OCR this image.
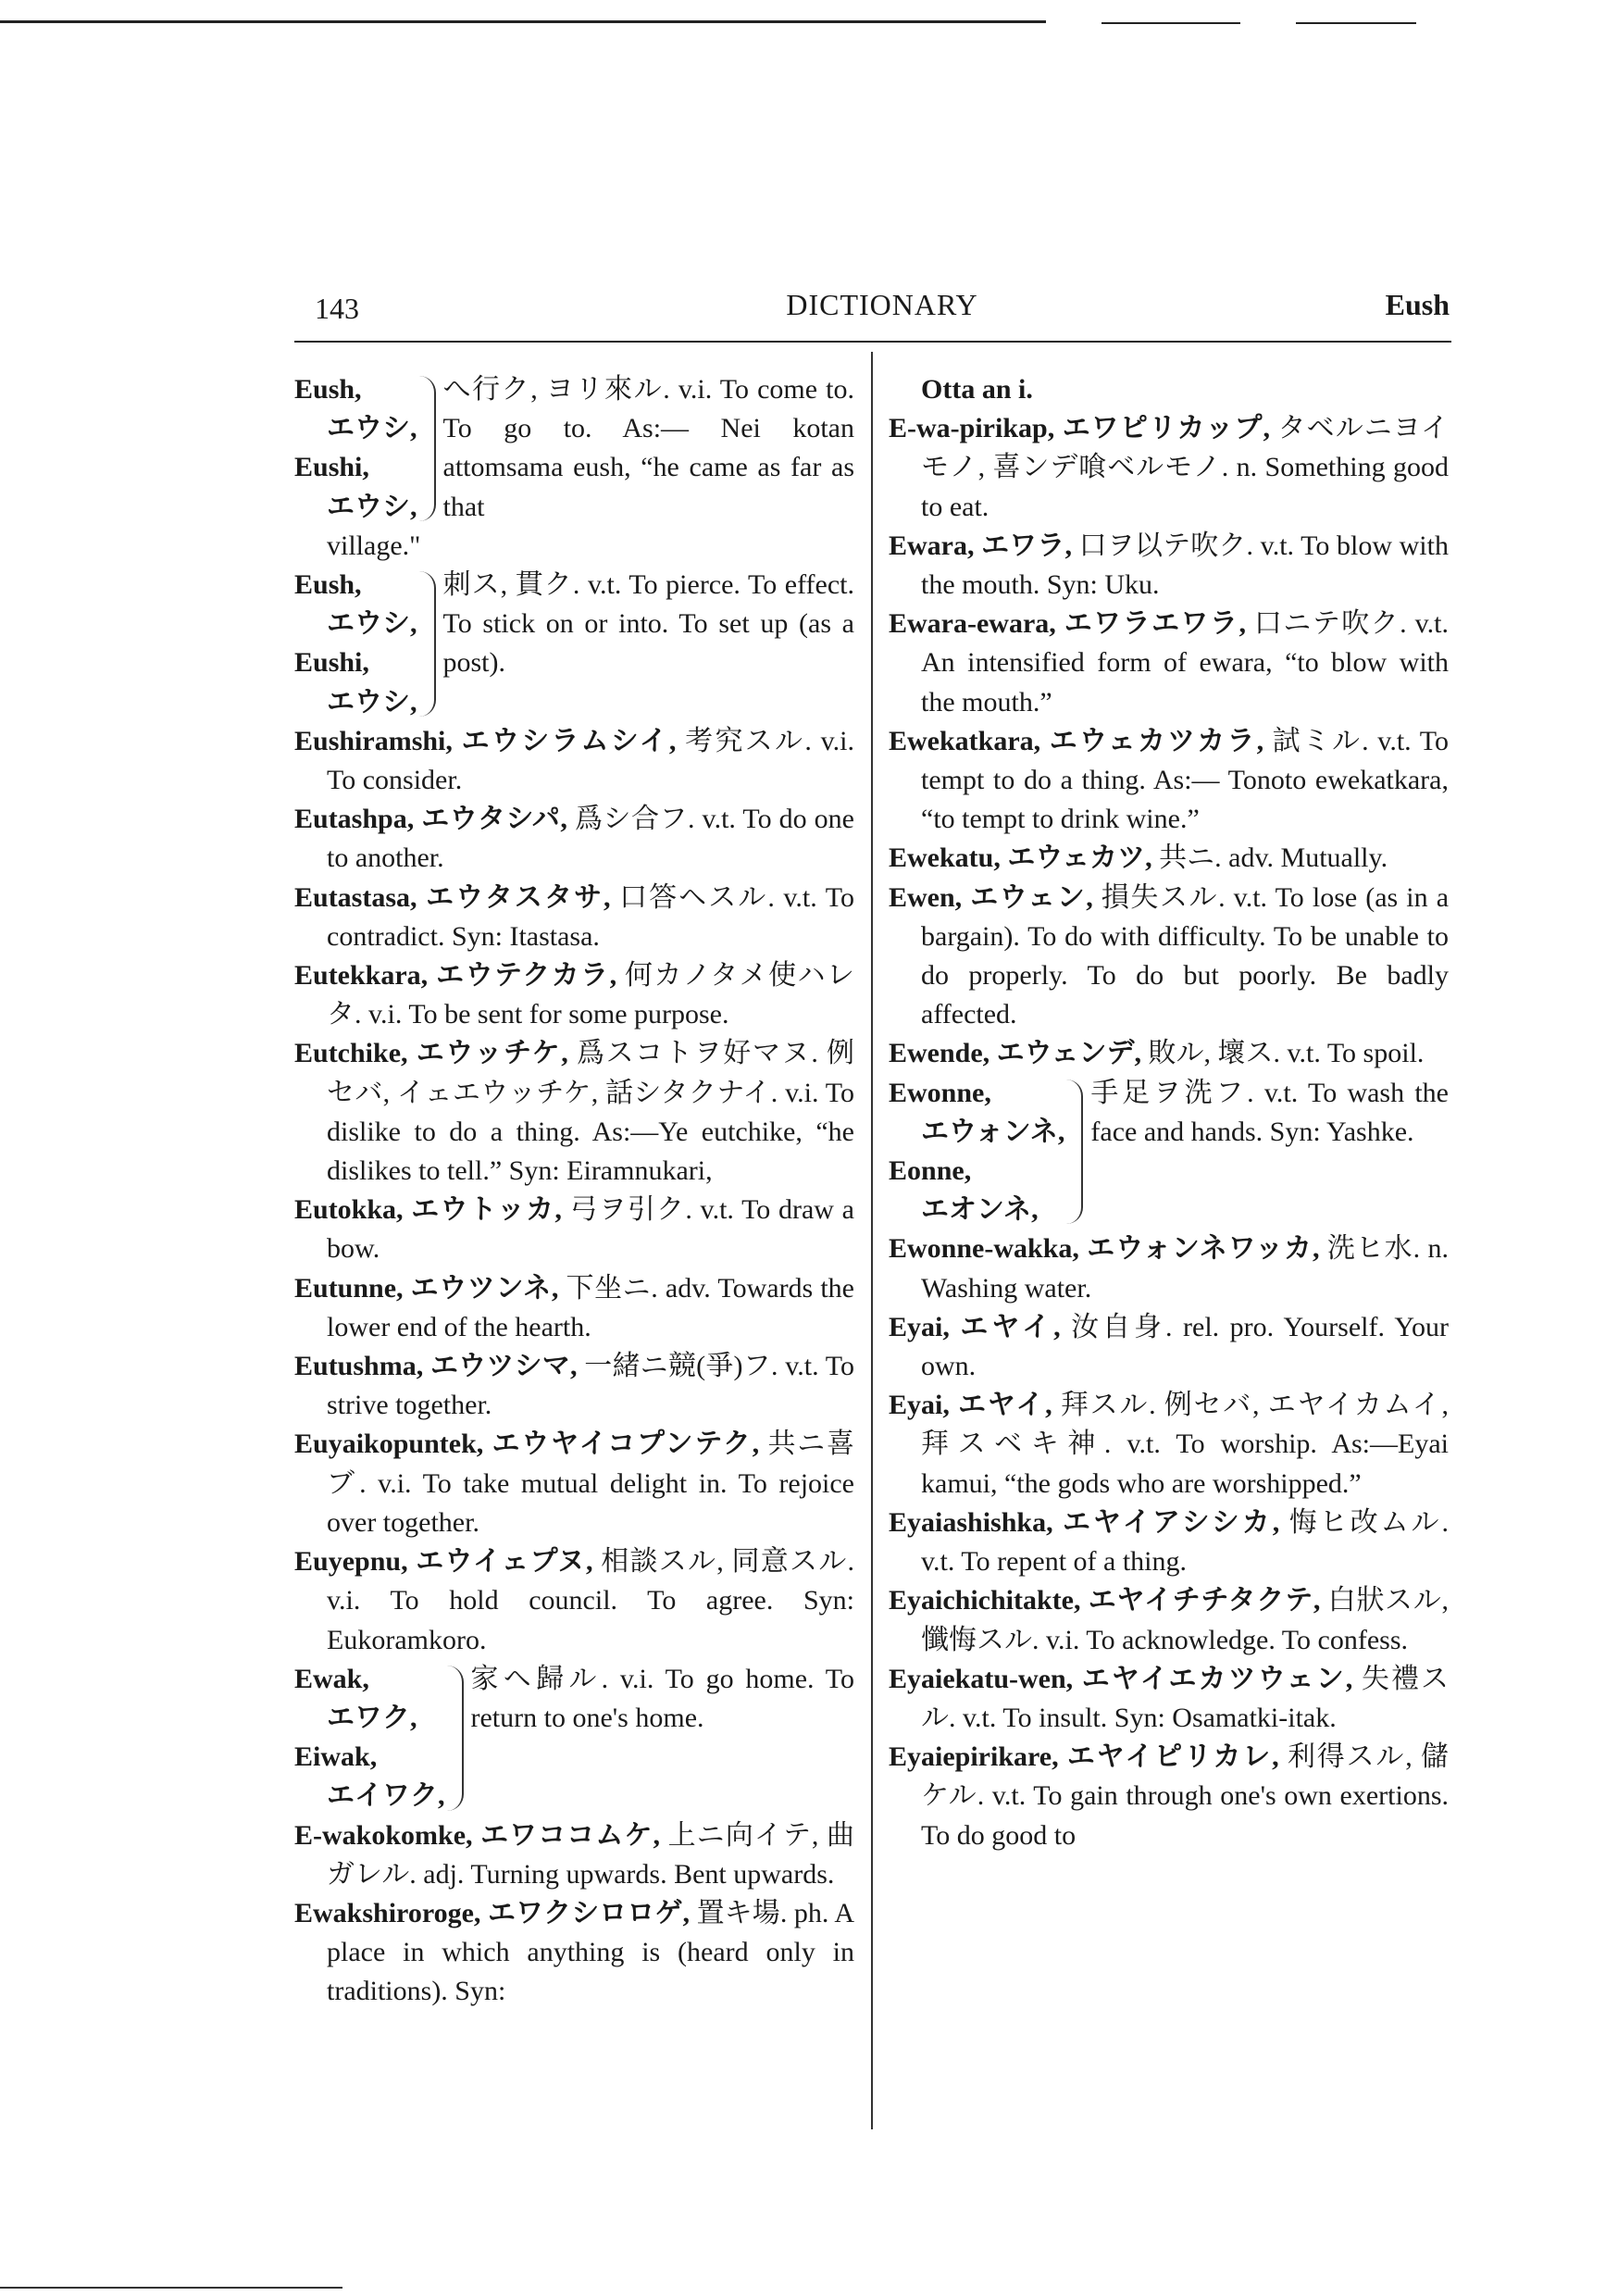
143	DICTIONARY	Eush
Eush,
エウシ,
Eushi,
エウシ,
へ行ク, ヨリ來ル. v.i. To come to. To go to. As:— Nei kotan attomsama eush, “he came as far as that
village."
Eush,
エウシ,
Eushi,
エウシ,
刺ス, 貫ク. v.t. To pierce. To effect. To stick on or into. To set up (as a post).
Eushiramshi, エウシラムシイ, 考究スル. v.i. To consider.
Eutashpa, エウタシパ, 爲シ合フ. v.t. To do one to another.
Eutastasa, エウタスタサ, 口答ヘスル. v.t. To contradict. Syn: Itastasa.
Eutekkara, エウテクカラ, 何カノタメ使ハレタ. v.i. To be sent for some purpose.
Eutchike, エウッチケ, 爲スコトヲ好マヌ. 例セバ, イェエウッチケ, 話シタクナイ. v.i. To dislike to do a thing. As:—Ye eutchike, “he dislikes to tell.” Syn: Eiramnukari,
Eutokka, エウトッカ, 弓ヲ引ク. v.t. To draw a bow.
Eutunne, エウツンネ, 下坐ニ. adv. Towards the lower end of the hearth.
Eutushma, エウツシマ, 一緒ニ競(爭)フ. v.t. To strive together.
Euyaikopuntek, エウヤイコプンテク, 共ニ喜ブ. v.i. To take mutual delight in. To rejoice over together.
Euyepnu, エウイェプヌ, 相談スル, 同意スル. v.i. To hold council. To agree. Syn: Eukoramkoro.
Ewak,
エワク,
Eiwak,
エイワク,
家ヘ歸ル. v.i. To go home. To return to one's home.
E-wakokomke, エワココムケ, 上ニ向イテ, 曲ガレル. adj. Turning upwards. Bent upwards.
Ewakshiroroge, エワクシロロゲ, 置キ場. ph. A place in which anything is (heard only in traditions). Syn:
Otta an i.
E-wa-pirikap, エワピリカップ, タベルニヨイモノ, 喜ンデ喰ベルモノ. n. Something good to eat.
Ewara, エワラ, 口ヲ以テ吹ク. v.t. To blow with the mouth. Syn: Uku.
Ewara-ewara, エワラエワラ, 口ニテ吹ク. v.t. An intensified form of ewara, “to blow with the mouth.”
Ewekatkara, エウェカツカラ, 試ミル. v.t. To tempt to do a thing. As:— Tonoto ewekatkara, “to tempt to drink wine.”
Ewekatu, エウェカツ, 共ニ. adv. Mutually.
Ewen, エウェン, 損失スル. v.t. To lose (as in a bargain). To do with difficulty. To be unable to do properly. To do but poorly. Be badly affected.
Ewende, エウェンデ, 敗ル, 壞ス. v.t. To spoil.
Ewonne,
エウォンネ,
Eonne,
エオンネ,
手足ヲ洗フ. v.t. To wash the face and hands. Syn: Yashke.
Ewonne-wakka, エウォンネワッカ, 洗ヒ水. n. Washing water.
Eyai, エヤイ, 汝自身. rel. pro. Yourself. Your own.
Eyai, エヤイ, 拜スル. 例セバ, エヤイカムイ, 拜スベキ神. v.t. To worship. As:—Eyai kamui, “the gods who are worshipped.”
Eyaiashishka, エヤイアシシカ, 悔ヒ改ムル. v.t. To repent of a thing.
Eyaichichitakte, エヤイチチタクテ, 白狀スル, 懺悔スル. v.i. To acknowledge. To confess.
Eyaiekatu-wen, エヤイエカツウェン, 失禮スル. v.t. To insult. Syn: Osamatki-itak.
Eyaiepirikare, エヤイピリカレ, 利得スル, 儲ケル. v.t. To gain through one's own exertions. To do good to
